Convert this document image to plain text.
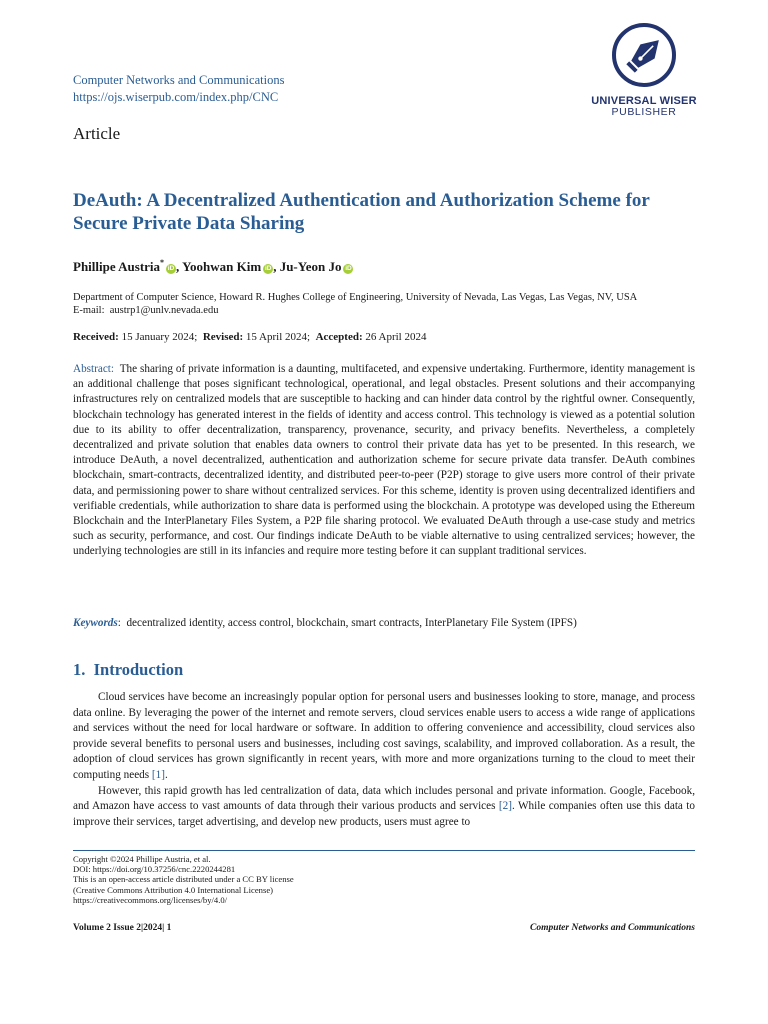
Computer Networks and Communications
https://ojs.wiserpub.com/index.php/CNC	UNIVERSAL WISER
PUBLISHER
Article
DeAuth: A Decentralized Authentication and Authorization Scheme for Secure Private Data Sharing
Phillipe Austria*iD , Yoohwan Kim iD , Ju-Yeon Jo iD
Department of Computer Science, Howard R. Hughes College of Engineering, University of Nevada, Las Vegas, Las Vegas, NV, USA
E-mail: austrp1@unlv.nevada.edu
Received: 15 January 2024; Revised: 15 April 2024; Accepted: 26 April 2024
Abstract: The sharing of private information is a daunting, multifaceted, and expensive undertaking. Furthermore, identity management is an additional challenge that poses significant technological, operational, and legal obstacles. Present solutions and their accompanying infrastructures rely on centralized models that are susceptible to hacking and can hinder data control by the rightful owner. Consequently, blockchain technology has generated interest in the fields of identity and access control. This technology is viewed as a potential solution due to its ability to offer decentralization, transparency, provenance, security, and privacy benefits. Nevertheless, a completely decentralized and private solution that enables data owners to control their private data has yet to be presented. In this research, we introduce DeAuth, a novel decentralized, authentication and authorization scheme for secure private data transfer. DeAuth combines blockchain, smart-contracts, decentralized identity, and distributed peer-to-peer (P2P) storage to give users more control of their private data, and permissioning power to share without centralized services. For this scheme, identity is proven using decentralized identifiers and verifiable credentials, while authorization to share data is performed using the blockchain. A prototype was developed using the Ethereum Blockchain and the InterPlanetary Files System, a P2P file sharing protocol. We evaluated DeAuth through a use-case study and metrics such as security, performance, and cost. Our findings indicate DeAuth to be viable alternative to using centralized services; however, the underlying technologies are still in its infancies and require more testing before it can supplant traditional services.
Keywords:  decentralized identity, access control, blockchain, smart contracts, InterPlanetary File System (IPFS)
1. Introduction

Cloud services have become an increasingly popular option for personal users and businesses looking to store, manage, and process data online. By leveraging the power of the internet and remote servers, cloud services enable users to access a wide range of applications and services without the need for local hardware or software. In addition to offering convenience and accessibility, cloud services also provide several benefits to personal users and businesses, including cost savings, scalability, and improved collaboration. As a result, the adoption of cloud services has grown significantly in recent years, with more and more organizations turning to the cloud to meet their computing needs [1].

However, this rapid growth has led centralization of data, data which includes personal and private information. Google, Facebook, and Amazon have access to vast amounts of data through their various products and services [2]. While companies often use this data to improve their services, target advertising, and develop new products, users must agree to

Copyright ©2024 Phillipe Austria, et al.
DOI: https://doi.org/10.37256/cnc.2220244281
This is an open-access article distributed under a CC BY license
(Creative Commons Attribution 4.0 International License)
https://creativecommons.org/licenses/by/4.0/
Volume 2 Issue 2|2024| 1	Computer Networks and Communications
